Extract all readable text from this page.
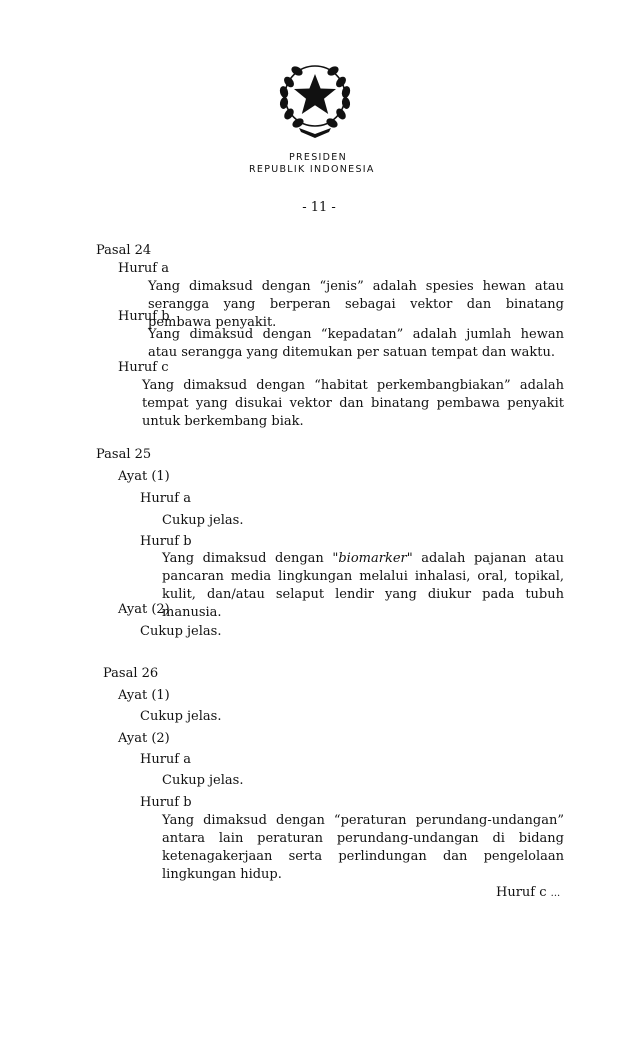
PRESIDEN
REPUBLIK INDONESIA
- 11 -
Pasal 24
Huruf a
Yang dimaksud dengan “jenis” adalah spesies hewan atau serangga yang berperan sebagai vektor dan binatang pembawa penyakit.
Huruf b
Yang dimaksud dengan “kepadatan” adalah jumlah hewan atau serangga yang ditemukan per satuan tempat dan waktu.
Huruf c
Yang dimaksud dengan “habitat perkembangbiakan” adalah tempat yang disukai vektor dan binatang pembawa penyakit untuk berkembang biak.
Pasal 25
Ayat (1)
Huruf a
Cukup jelas.
Huruf b
Yang dimaksud dengan "biomarker" adalah pajanan atau pancaran media lingkungan melalui inhalasi, oral, topikal, kulit, dan/atau selaput lendir yang diukur pada tubuh manusia.
Ayat (2)
Cukup jelas.
Pasal 26
Ayat (1)
Cukup jelas.
Ayat (2)
Huruf a
Cukup jelas.
Huruf b
Yang dimaksud dengan “peraturan perundang-undangan” antara lain peraturan perundang-undangan di bidang ketenagakerjaan serta perlindungan dan pengelolaan lingkungan hidup.
Huruf c ...
